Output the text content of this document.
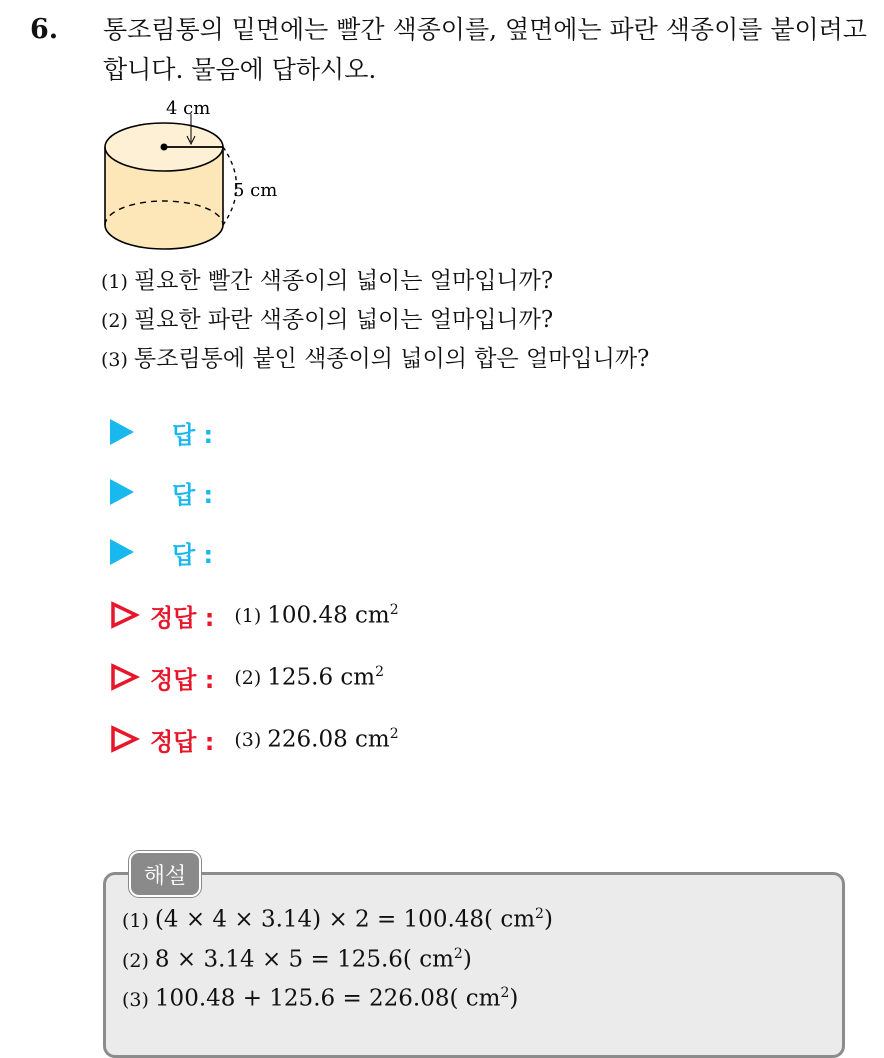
6. 통조림통의 밑면에는 빨간 색종이를, 옆면에는 파란 색종이를 붙이려고 합니다. 물음에 답하시오.
4 cm
5 cm
(1) 필요한 빨간 색종이의 넓이는 얼마입니까?
(2) 필요한 파란 색종이의 넓이는 얼마입니까?
(3) 통조림통에 붙인 색종이의 넓이의 합은 얼마입니까?
답 :
답 :
답 :
정답 : (1) 100.48 $cm^2$
정답 : (2) 125.6 $cm^2$
정답 : (3) 226.08 $cm^2$
해설
(1) (4 × 4 × 3.14) × 2 = 100.48( $cm^2$)
(2) 8 × 3.14 × 5 = 125.6( $cm^2$)
(3) 100.48 + 125.6 = 226.08( $cm^2$)
